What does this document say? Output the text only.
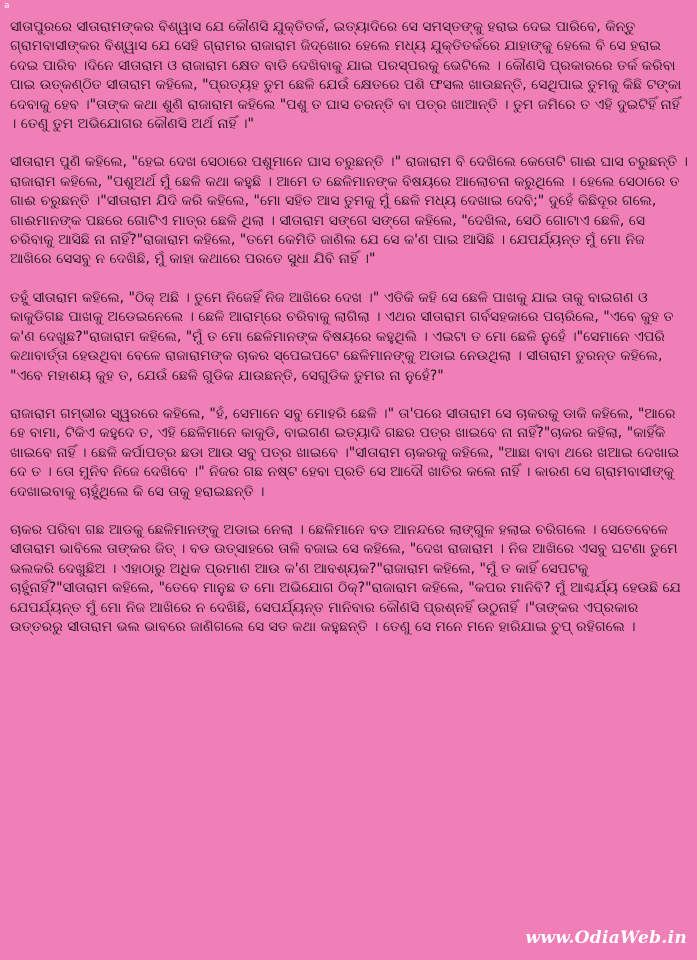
a

ସୀତାପୁରରେ ସୀତାରାମଙ୍କର ବିଶ୍ୱାସ ଯେ କୌଣସି ଯୁକ୍ତିତର୍କ, ଇତ୍ୟାଦିରେ ସେ ସମସ୍ତଙ୍କୁ ହରାଇ ଦେଇ ପାରିବେ, କିନ୍ତୁ ଗ୍ରାମବାସୀଙ୍କର ବିଶ୍ୱାସ ଯେ ସେହି ଗ୍ରାମର ରାଜାରାମ ଜିଦ୍ଖୋର ହେଲେ ମଧ୍ୟ ଯୁକ୍ତିତର୍କରେ ଯାହାଙ୍କୁ ହେଲେ ବି ସେ ହରାଇ ଦେଇ ପାରିବ ।ଦିନେ ସୀତାରାମ ଓ ରାଜାରାମ କ୍ଷେତ ବାଡି ଦେଖିବାକୁ ଯାଇ ପରସ୍ପରକୁ ଭେଟିଲେ । କୌଣସି ପ୍ରକାରରେ ତର୍କ କରିବା ପାଇ ଉତ୍କଣ୍ଠିତ ସୀତାରାମ କହିଲେ, "ପ୍ରତ୍ୟହ ତୁମ ଛେଳି ଯେଉଁ କ୍ଷେତରେ ପଶି ଫସଲ ଖାଉଛନ୍ତି, ସେଥିପାଇ ତୁମକୁ କିଛି ଟଙ୍କା ଦେବାକୁ ହେବ ।"ତାଙ୍କ କଥା ଶୁଣି ରାଜାରାମ କହିଲେ "ପଶୁ ତ ଘାସ ଚରନ୍ତି ବା ପତ୍ର ଖାଆନ୍ତି । ତୁମ ଜମିରେ ତ ଏହି ଦୁଇଟିହିଁ ନାହିଁ । ତେଣୁ ତୁମ ଅଭିଯୋଗର କୌଣସି ଅର୍ଥ ନାହିଁ ।"

ସୀତାରାମ ପୁଣି କହିଲେ, "ହେଇ ଦେଖ ସେଠାରେ ପଶୁମାନେ ଘାସ ଚରୁଛନ୍ତି ।" ରାଜାରାମ ବି ଦେଖିଲେ କେତୋଟି ଗାଈ ଘାସ ଚରୁଛନ୍ତି ।ରାଜାରାମ କହିଲେ, "ପଶୁଅର୍ଥ ମୁଁ ଛେଳି କଥା କହୁଛି । ଆମେ ତ ଛେଳିମାନଙ୍କ ବିଷୟରେ ଆଲୋଚନା କରୁଥିଲେ । ହେଲେ ସେଠାରେ ତ ଗାଈ ଚରୁଛନ୍ତି ।"ସୀତାରାମ ଯିଦି କରି କହିଲେ, "ମୋ ସହିତ ଆସ ତୁମକୁ ମୁଁ ଛେଳି ମଧ୍ୟ ଦେଖାଇ ଦେବି;" ଦୁହେଁ କିଛିଦୂର ଗଲେ, ଗାଈମାନଙ୍କ ପଛରେ ଗୋଟିଏ ମାତ୍ର ଛେଳି ଥିଲା । ସୀତାରାମ ସଙ୍ଗେ ସଙ୍ଗେ କହିଲେ, "ଦେଖିଲ, ସେଠି ଗୋଟାଏ ଛେଳି, ସେ ଚରିବାକୁ ଆସିଛି ନା ନାହିଁ?"ରାଜାରାମ କହିଲେ, "ତମେ କେମିତି ଜାଣିଲ ଯେ ସେ କ'ଣ ପାଇ ଆସିଛି । ଯେପର୍ଯ୍ୟନ୍ତ ମୁଁ ମୋ ନିଜ ଆଖିରେ ସେସବୁ ନ ଦେଖିଛି, ମୁଁ କାହା କଥାରେ ପରତେ ସୁଧା ଯିବି ନାହିଁ ।"

ତହୁଁ ସୀତାରାମ କହିଲେ, "ଠିକ୍ ଅଛି । ତୁମେ ନିଜେହିଁ ନିଜ ଆଖିରେ ଦେଖ ।" ଏତିକି କହି ସେ ଛେଳି ପାଖକୁ ଯାଇ ତାକୁ ବାଇଗଣ ଓ କାକୁଡିଗଛ ପାଖକୁ ଅଡେଇନେଲେ । ଛେଳି ଆରାମ୍ରେ ଚରିବାକୁ ଲାଗିଲା । ଏଥର ସୀତାରାମ ଗର୍ବସହକାରେ ପଚାରିଲେ, "ଏବେ କୁହ ତ କ'ଣ ଦେଖୁଛ?"ରାଜାରାମ କହିଲେ, "ମୁଁ ତ ମୋ ଛେଳିମାନଙ୍କ ବିଷୟରେ କହୁଥିଲି । ଏଇଟା ତ ମୋ ଛେଳି ନୁହେଁ ।"ସେମାନେ ଏପରି କଥାବାର୍ତ୍ତା ହେଉଥିବା ବେଳେ ରାଜାରାମଙ୍କ ଚାକର ସ୍ପେଇପଟେ ଛେଳିମାନଙ୍କୁ ଅଡାଇ ନେଉଥିଲା । ସୀତାରାମ ତୁରନ୍ତ କହିଲେ, "ଏବେ ମହାଶୟ କୁହ ତ, ଯେଉଁ ଛେଳି ଗୁଡିକ ଯାଉଛନ୍ତି, ସେଗୁଡିକ ତୁମର ନା ନୁହେଁ?"

ରାଜାରାମ ଗମ୍ଭୀର ସ୍ୱରରେ କହିଲେ, "ହଁ, ସେମାନେ ସବୁ ମୋହରି ଛେଳି ।" ତା'ପରେ ସୀତାରାମ ସେ ଚାକରକୁ ଡାକି କହିଲେ, "ଆରେ ହେ ବାମା, ଟିକିଏ କହୁଦେ ତ, ଏହି ଛେଳିମାନେ କାକୁଡି, ବାଇଗଣ ଇତ୍ୟାଦି ଗଛର ପତ୍ର ଖାଇବେ ନା ନାହିଁ?"ଚାକର କହିଲା, "କାହିଁକି ଖାଇବେ ନାହିଁ । ଛେଳି କର୍ପାପତ୍ର ଛଡା ଆଉ ସବୁ ପତ୍ର ଖାଇବେ ।"ସୀତାରାମ ଚାକରକୁ କହିଲେ, "ଆଛା ବାବା ଥରେ ଖଆଇ ଦେଖାଇ ଦେ ତ । ତୋ ମୁନିବ ନିଜେ ଦେଖିବେ ।" ନିଜର ଗଛ ନଷ୍ଟ ହେବା ପ୍ରତି ସେ ଆଦୌ ଖାତିର କଲେ ନାହିଁ । କାରଣ ସେ ଗ୍ରାମବାସୀଙ୍କୁ ଦେଖାଇବାକୁ ଚାହୁଁଥିଲେ କି ସେ ତାକୁ ହରାଇଛନ୍ତି ।

ଚାକର ପରିବା ଗଛ ଆଡକୁ ଛେଳିମାନଙ୍କୁ ଅଡାଇ ନେଲା । ଛେଳିମାନେ ବଡ ଆନନ୍ଦରେ ଲାଙ୍ଗୁଳ ହଲାଇ ଚରିଗଲେ । ସେତେବେଳେ ସୀତାରାମ ଭାବିଲେ ତାଙ୍କର ଜିତ୍ । ବଡ ଉତ୍ସାହରେ ତାଳି ବଜାଇ ସେ କହିଲେ, "ଦେଖ ରାଜାରାମ । ନିଜ ଆଖିରେ ଏସବୁ ଘଟଣା ତୁମେ ଭଲକରି ଦେଖୁଛିଅ । ଏହାଠାରୁ ଅଧିକ ପ୍ରମାଣ ଆଉ କ'ଣ ଆବଶ୍ୟକ?"ରାଜାରାମ କହିଲେ, "ମୁଁ ତ କାହିଁ ସେପଟକୁ ଚାହୁଁନାହିଁ?"ସୀତାରାମ କହିଲେ, "ତେବେ ମାନୁଛ ତ ମୋ ଅଭିଯୋଗ ଠିକ୍?"ରାଜାରାମ କହିଲେ, "କପର ମାନିବି? ମୁଁ ଆଶ୍ଚର୍ଯ୍ୟ ହେଉଛି ଯେ ଯେପର୍ଯ୍ୟନ୍ତ ମୁଁ ମୋ ନିଜ ଆଖିରେ ନ ଦେଖିଛି, ସେପର୍ଯ୍ୟନ୍ତ ମାନିବାର କୌଣସି ପ୍ରଶ୍ନହିଁ ଉଠୁନାହିଁ ।"ତାଙ୍କର ଏପ୍ରକାର ଉତ୍ତରରୁ ସୀତାରାମ ଭଲ ଭାବରେ ଜାଣିଗଲେ ସେ ସତ କଥା କହୁଛନ୍ତି । ତେଣୁ ସେ ମନେ ମନେ ହାରିଯାଇ ଚୁପ୍ ରହିଗଲେ ।

www.OdiaWeb.in
